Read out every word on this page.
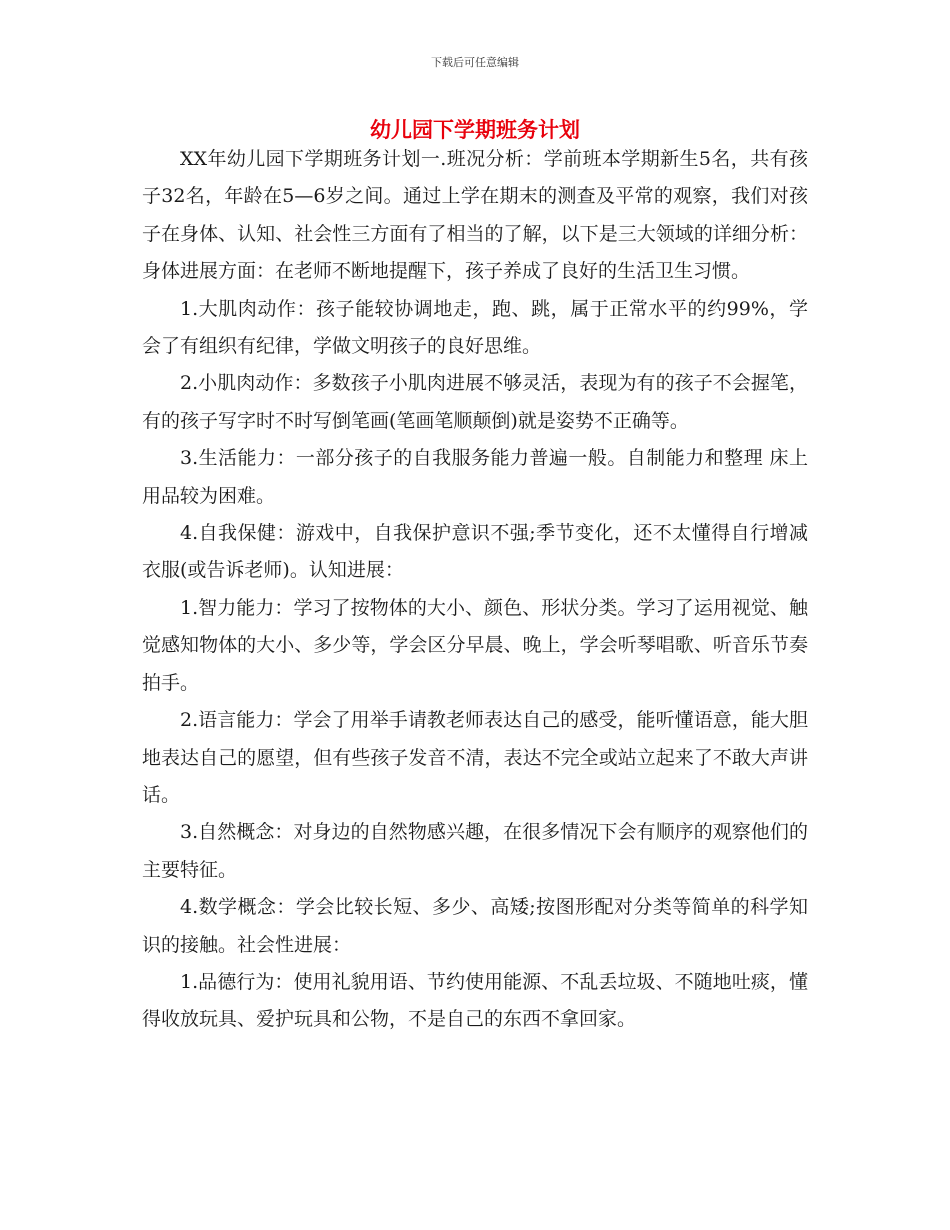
下载后可任意编辑
幼儿园下学期班务计划

XX年幼儿园下学期班务计划一.班况分析：学前班本学期新生5名，共有孩子32名，年龄在5—6岁之间。通过上学在期末的测查及平常的观察，我们对孩子在身体、认知、社会性三方面有了相当的了解，以下是三大领域的详细分析：身体进展方面：在老师不断地提醒下，孩子养成了良好的生活卫生习惯。

1.大肌肉动作：孩子能较协调地走，跑、跳，属于正常水平的约99%，学会了有组织有纪律，学做文明孩子的良好思维。

2.小肌肉动作：多数孩子小肌肉进展不够灵活，表现为有的孩子不会握笔，有的孩子写字时不时写倒笔画(笔画笔顺颠倒)就是姿势不正确等。

3.生活能力：一部分孩子的自我服务能力普遍一般。自制能力和整理 床上用品较为困难。

4.自我保健：游戏中，自我保护意识不强;季节变化，还不太懂得自行增减衣服(或告诉老师)。认知进展：

1.智力能力：学习了按物体的大小、颜色、形状分类。学习了运用视觉、触觉感知物体的大小、多少等，学会区分早晨、晚上，学会听琴唱歌、听音乐节奏拍手。

2.语言能力：学会了用举手请教老师表达自己的感受，能听懂语意，能大胆地表达自己的愿望，但有些孩子发音不清，表达不完全或站立起来了不敢大声讲话。

3.自然概念：对身边的自然物感兴趣，在很多情况下会有顺序的观察他们的主要特征。

4.数学概念：学会比较长短、多少、高矮;按图形配对分类等简单的科学知识的接触。社会性进展：

1.品德行为：使用礼貌用语、节约使用能源、不乱丢垃圾、不随地吐痰，懂得收放玩具、爱护玩具和公物，不是自己的东西不拿回家。
